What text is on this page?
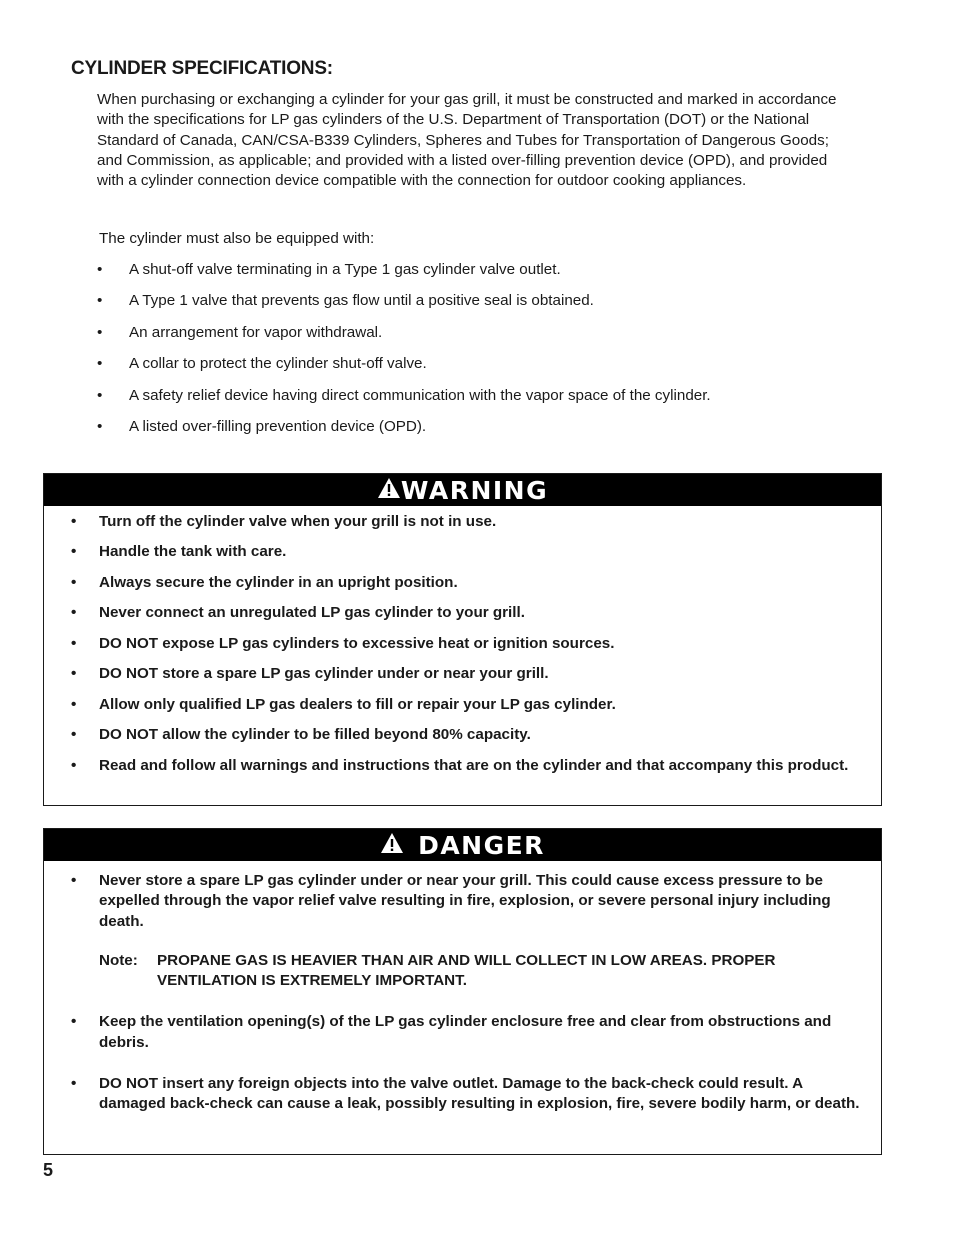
CYLINDER SPECIFICATIONS:

When purchasing or exchanging a cylinder for your gas grill, it must be constructed and marked in accordance with the specifications for LP gas cylinders of the U.S. Department of Transportation (DOT) or the National Standard of Canada, CAN/CSA-B339 Cylinders, Spheres and Tubes for Transportation of Dangerous Goods; and Commission, as applicable; and provided with a listed over-filling prevention device (OPD), and provided with a cylinder connection device compatible with the connection for outdoor cooking appliances.

The cylinder must also be equipped with:

• A shut-off valve terminating in a Type 1 gas cylinder valve outlet.
• A Type 1 valve that prevents gas flow until a positive seal is obtained.
• An arrangement for vapor withdrawal.
• A collar to protect the cylinder shut-off valve.
• A safety relief device having direct communication with the vapor space of the cylinder.
• A listed over-filling prevention device (OPD).
WARNING
• Turn off the cylinder valve when your grill is not in use.
• Handle the tank with care.
• Always secure the cylinder in an upright position.
• Never connect an unregulated LP gas cylinder to your grill.
• DO NOT expose LP gas cylinders to excessive heat or ignition sources.
• DO NOT store a spare LP gas cylinder under or near your grill.
• Allow only qualified LP gas dealers to fill or repair your LP gas cylinder.
• DO NOT allow the cylinder to be filled beyond 80% capacity.
• Read and follow all warnings and instructions that are on the cylinder and that accompany this product.
DANGER
• Never store a spare LP gas cylinder under or near your grill. This could cause excess pressure to be expelled through the vapor relief valve resulting in fire, explosion, or severe personal injury including death.
Note:	PROPANE GAS IS HEAVIER THAN AIR AND WILL COLLECT IN LOW AREAS. PROPER VENTILATION IS EXTREMELY IMPORTANT.
• Keep the ventilation opening(s) of the LP gas cylinder enclosure free and clear from obstructions and debris.
• DO NOT insert any foreign objects into the valve outlet. Damage to the back-check could result. A damaged back-check can cause a leak, possibly resulting in explosion, fire, severe bodily harm, or death.

5
